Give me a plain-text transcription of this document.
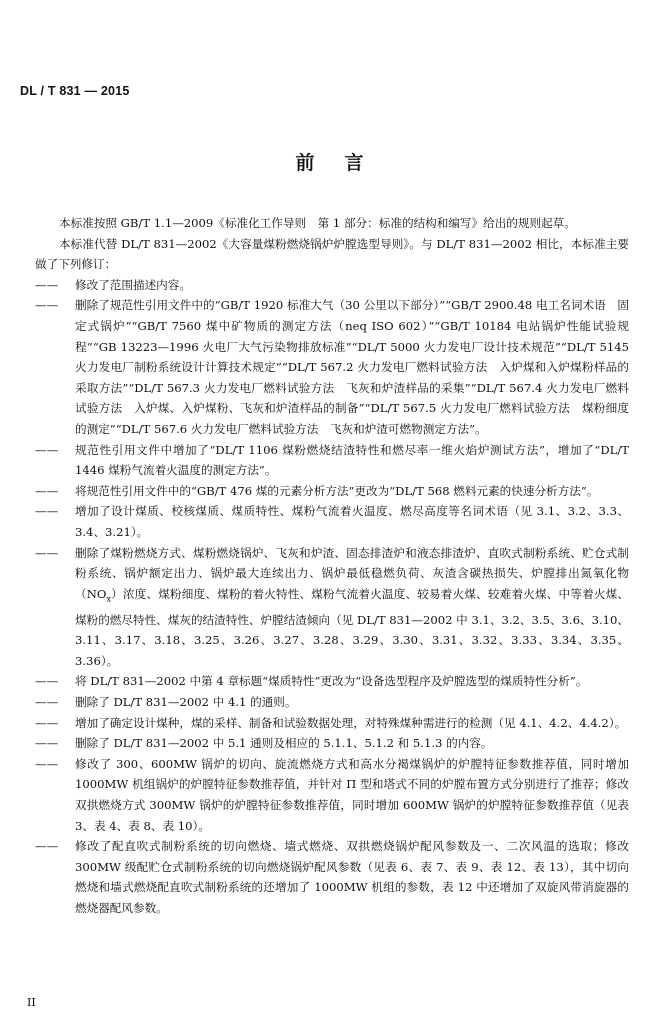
DL / T 831 — 2015
前 言

本标准按照 GB/T 1.1—2009《标准化工作导则　第 1 部分：标准的结构和编写》给出的规则起草。

本标准代替 DL/T 831—2002《大容量煤粉燃烧锅炉炉膛选型导则》。与 DL/T 831—2002 相比，本标准主要做了下列修订：

—— 修改了范围描述内容。
—— 删除了规范性引用文件中的“GB/T 1920 标准大气（30 公里以下部分）”“GB/T 2900.48 电工名词术语　固定式锅炉”“GB/T 7560 煤中矿物质的测定方法（neq ISO 602）”“GB/T 10184 电站锅炉性能试验规程”“GB 13223—1996 火电厂大气污染物排放标准”“DL/T 5000 火力发电厂设计技术规范”“DL/T 5145 火力发电厂制粉系统设计计算技术规定”“DL/T 567.2 火力发电厂燃料试验方法　入炉煤和入炉煤粉样品的采取方法”“DL/T 567.3 火力发电厂燃料试验方法　飞灰和炉渣样品的采集”“DL/T 567.4 火力发电厂燃料试验方法　入炉煤、入炉煤粉、飞灰和炉渣样品的制备”“DL/T 567.5 火力发电厂燃料试验方法　煤粉细度的测定”“DL/T 567.6 火力发电厂燃料试验方法　飞灰和炉渣可燃物测定方法”。
—— 规范性引用文件中增加了“DL/T 1106 煤粉燃烧结渣特性和燃尽率一维火焰炉测试方法”，增加了“DL/T 1446 煤粉气流着火温度的测定方法”。
—— 将规范性引用文件中的“GB/T 476 煤的元素分析方法”更改为“DL/T 568 燃料元素的快速分析方法”。
—— 增加了设计煤质、校核煤质、煤质特性、煤粉气流着火温度、燃尽高度等名词术语（见 3.1、3.2、3.3、3.4、3.21）。
—— 删除了煤粉燃烧方式、煤粉燃烧锅炉、飞灰和炉渣、固态排渣炉和液态排渣炉、直吹式制粉系统、贮仓式制粉系统、锅炉额定出力、锅炉最大连续出力、锅炉最低稳燃负荷、灰渣含碳热损失、炉膛排出氮氧化物$(NO_x)$浓度、煤粉细度、煤粉的着火特性、煤粉气流着火温度、较易着火煤、较难着火煤、中等着火煤、煤粉的燃尽特性、煤灰的结渣特性、炉膛结渣倾向（见 DL/T 831—2002 中 3.1、3.2、3.5、3.6、3.10、3.11、3.17、3.18、3.25、3.26、3.27、3.28、3.29、3.30、3.31、3.32、3.33、3.34、3.35、3.36）。
—— 将 DL/T 831—2002 中第 4 章标题“煤质特性”更改为“设备选型程序及炉膛选型的煤质特性分析”。
—— 删除了 DL/T 831—2002 中 4.1 的通则。
—— 增加了确定设计煤种，煤的采样、制备和试验数据处理，对特殊煤种需进行的检测（见 4.1、4.2、4.4.2）。
—— 删除了 DL/T 831—2002 中 5.1 通则及相应的 5.1.1、5.1.2 和 5.1.3 的内容。
—— 修改了 300、600MW 锅炉的切向、旋流燃烧方式和高水分褐煤锅炉的炉膛特征参数推荐值，同时增加 1000MW 机组锅炉的炉膛特征参数推荐值，并针对 Π 型和塔式不同的炉膛布置方式分别进行了推荐；修改双拱燃烧方式 300MW 锅炉的炉膛特征参数推荐值，同时增加 600MW 锅炉的炉膛特征参数推荐值（见表 3、表 4、表 8、表 10）。
—— 修改了配直吹式制粉系统的切向燃烧、墙式燃烧、双拱燃烧锅炉配风参数及一、二次风温的选取；修改 300MW 级配贮仓式制粉系统的切向燃烧锅炉配风参数（见表 6、表 7、表 9、表 12、表 13），其中切向燃烧和墙式燃烧配直吹式制粉系统的还增加了 1000MW 机组的参数，表 12 中还增加了双旋风带消旋器的燃烧器配风参数。
II
